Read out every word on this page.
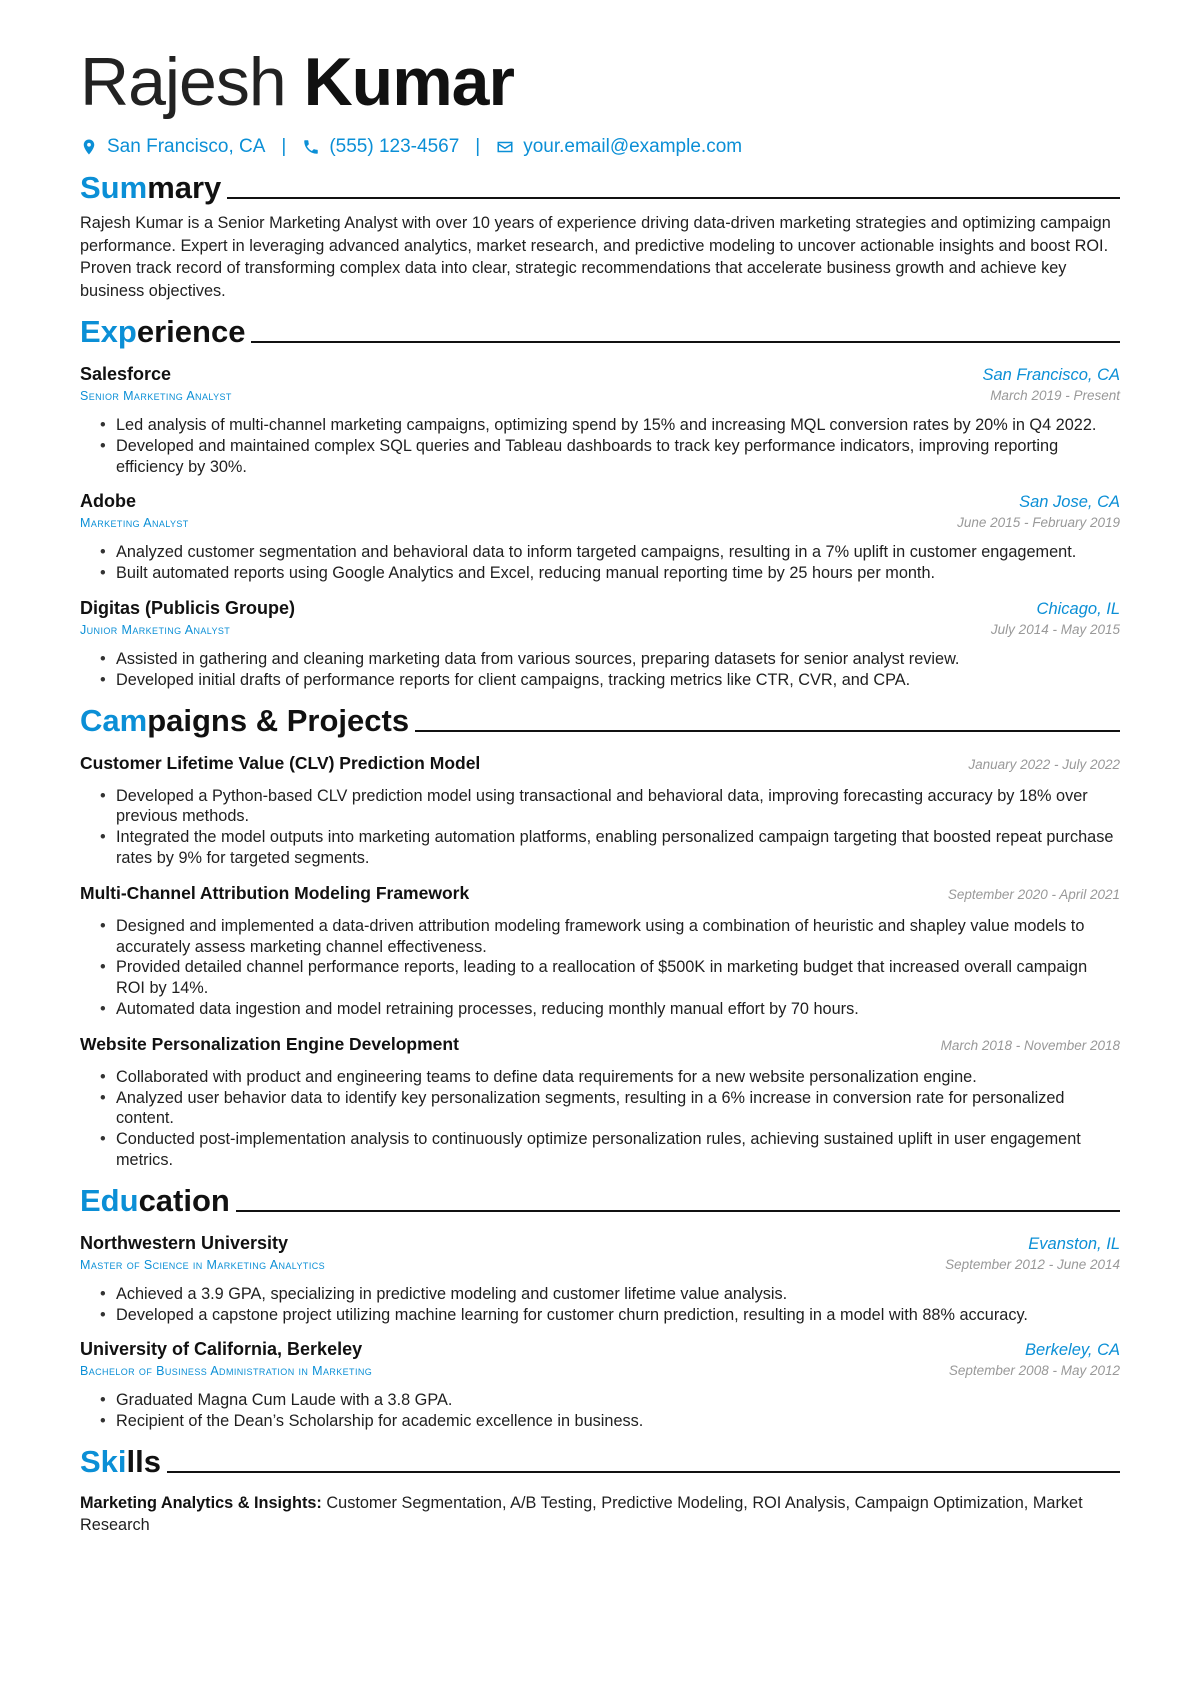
Rajesh Kumar
San Francisco, CA | (555) 123-4567 | your.email@example.com
Summary
Rajesh Kumar is a Senior Marketing Analyst with over 10 years of experience driving data-driven marketing strategies and optimizing campaign performance. Expert in leveraging advanced analytics, market research, and predictive modeling to uncover actionable insights and boost ROI. Proven track record of transforming complex data into clear, strategic recommendations that accelerate business growth and achieve key business objectives.
Experience
Salesforce	San Francisco, CA
Senior Marketing Analyst	March 2019 - Present
• Led analysis of multi-channel marketing campaigns, optimizing spend by 15% and increasing MQL conversion rates by 20% in Q4 2022.
• Developed and maintained complex SQL queries and Tableau dashboards to track key performance indicators, improving reporting efficiency by 30%.
Adobe	San Jose, CA
Marketing Analyst	June 2015 - February 2019
• Analyzed customer segmentation and behavioral data to inform targeted campaigns, resulting in a 7% uplift in customer engagement.
• Built automated reports using Google Analytics and Excel, reducing manual reporting time by 25 hours per month.
Digitas (Publicis Groupe)	Chicago, IL
Junior Marketing Analyst	July 2014 - May 2015
• Assisted in gathering and cleaning marketing data from various sources, preparing datasets for senior analyst review.
• Developed initial drafts of performance reports for client campaigns, tracking metrics like CTR, CVR, and CPA.
Campaigns & Projects
Customer Lifetime Value (CLV) Prediction Model	January 2022 - July 2022
• Developed a Python-based CLV prediction model using transactional and behavioral data, improving forecasting accuracy by 18% over previous methods.
• Integrated the model outputs into marketing automation platforms, enabling personalized campaign targeting that boosted repeat purchase rates by 9% for targeted segments.
Multi-Channel Attribution Modeling Framework	September 2020 - April 2021
• Designed and implemented a data-driven attribution modeling framework using a combination of heuristic and shapley value models to accurately assess marketing channel effectiveness.
• Provided detailed channel performance reports, leading to a reallocation of $500K in marketing budget that increased overall campaign ROI by 14%.
• Automated data ingestion and model retraining processes, reducing monthly manual effort by 70 hours.
Website Personalization Engine Development	March 2018 - November 2018
• Collaborated with product and engineering teams to define data requirements for a new website personalization engine.
• Analyzed user behavior data to identify key personalization segments, resulting in a 6% increase in conversion rate for personalized content.
• Conducted post-implementation analysis to continuously optimize personalization rules, achieving sustained uplift in user engagement metrics.
Education
Northwestern University	Evanston, IL
Master of Science in Marketing Analytics	September 2012 - June 2014
• Achieved a 3.9 GPA, specializing in predictive modeling and customer lifetime value analysis.
• Developed a capstone project utilizing machine learning for customer churn prediction, resulting in a model with 88% accuracy.
University of California, Berkeley	Berkeley, CA
Bachelor of Business Administration in Marketing	September 2008 - May 2012
• Graduated Magna Cum Laude with a 3.8 GPA.
• Recipient of the Dean’s Scholarship for academic excellence in business.
Skills
Marketing Analytics & Insights: Customer Segmentation, A/B Testing, Predictive Modeling, ROI Analysis, Campaign Optimization, Market Research
